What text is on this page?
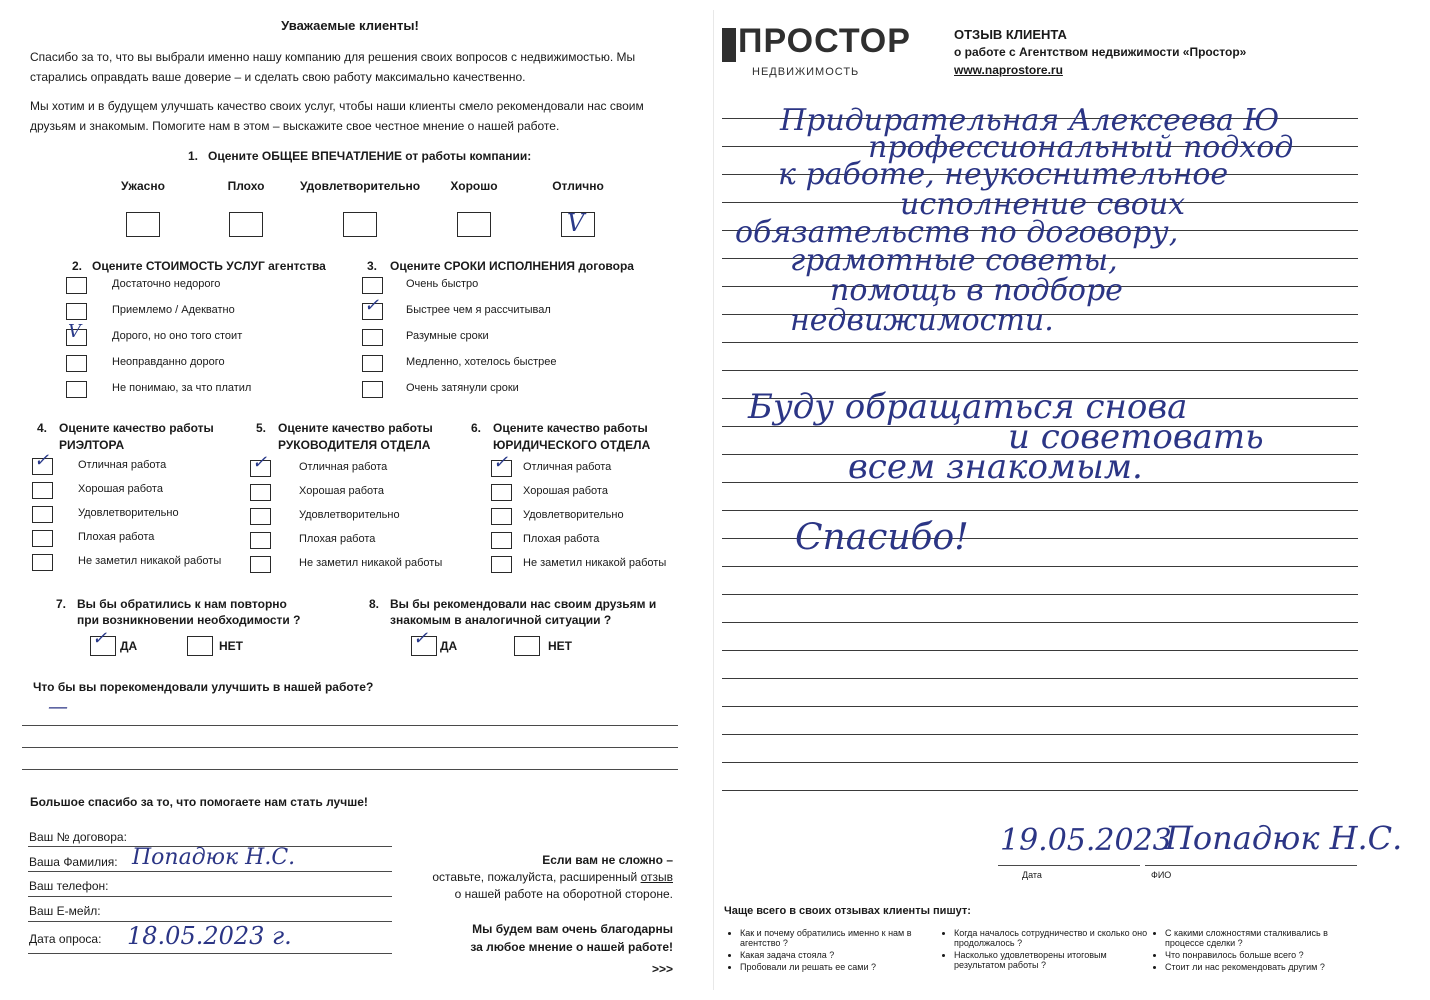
Уважаемые клиенты!
Спасибо за то, что вы выбрали именно нашу компанию для решения своих вопросов с недвижимостью. Мы старались оправдать ваше доверие – и сделать свою работу максимально качественно.
Мы хотим и в будущем улучшать качество своих услуг, чтобы наши клиенты смело рекомендовали нас своим друзьям и знакомым. Помогите нам в этом – выскажите свое честное мнение о нашей работе.
1. Оцените ОБЩЕЕ ВПЕЧАТЛЕНИЕ от работы компании:
Ужасно	Плохо	Удовлетворительно	Хорошо	Отлично
V
2. Оцените СТОИМОСТЬ УСЛУГ агентства
Достаточно недорого
Приемлемо / Адекватно
V	Дорого, но оно того стоит
Неоправданно дорого
Не понимаю, за что платил
3. Оцените СРОКИ ИСПОЛНЕНИЯ договора
Очень быстро
✓ Быстрее чем я рассчитывал
Разумные сроки
Медленно, хотелось быстрее
Очень затянули сроки
4. Оцените качество работы
РИЭЛТОРА
✓	Отличная работа
Хорошая работа
Удовлетворительно
Плохая работа
Не заметил никакой работы
5. Оцените качество работы
РУКОВОДИТЕЛЯ ОТДЕЛА
✓	Отличная работа
Хорошая работа
Удовлетворительно
Плохая работа
Не заметил никакой работы
6. Оцените качество работы
ЮРИДИЧЕСКОГО ОТДЕЛА
✓ Отличная работа
Хорошая работа
Удовлетворительно
Плохая работа
Не заметил никакой работы
7. Вы бы обратились к нам повторно
при возникновении необходимости ?
✓ ДА	НЕТ
8. Вы бы рекомендовали нас своим друзьям и
знакомым в аналогичной ситуации ?
✓ ДА	НЕТ
Что бы вы порекомендовали улучшить в нашей работе?
—
Большое спасибо за то, что помогаете нам стать лучше!
Ваш № договора:
Ваша Фамилия: Попадюк Н.С.
Ваш телефон:
Ваш Е-мейл:
Дата опроса: 18.05.2023 г.
Если вам не сложно –
оставьте, пожалуйста, расширенный отзыв
о нашей работе на оборотной стороне.
Мы будем вам очень благодарны
за любое мнение о нашей работе!
>>>
ПРОСТОР
НЕДВИЖИМОСТЬ
ОТЗЫВ КЛИЕНТА
о работе с Агентством недвижимости «Простор»
www.naprostore.ru
Придирательная Алексеева Ю
профессиональный подход
к работе, неукоснительное
исполнение своих
обязательств по договору,
грамотные советы,
помощь в подборе
недвижимости.
Буду обращаться снова
и советовать
всем знакомым.
Спасибо!
19.05.2023
Попадюк Н.С.
Дата	ФИО
Чаще всего в своих отзывах клиенты пишут:
• Как и почему обратились именно к нам в агентство ?
• Какая задача стояла ?
• Пробовали ли решать ее сами ?
• Когда началось сотрудничество и сколько оно продолжалось ?
• Насколько удовлетворены итоговым результатом работы ?
• С какими сложностями сталкивались в процессе сделки ?
• Что понравилось больше всего ?
• Стоит ли нас рекомендовать другим ?
